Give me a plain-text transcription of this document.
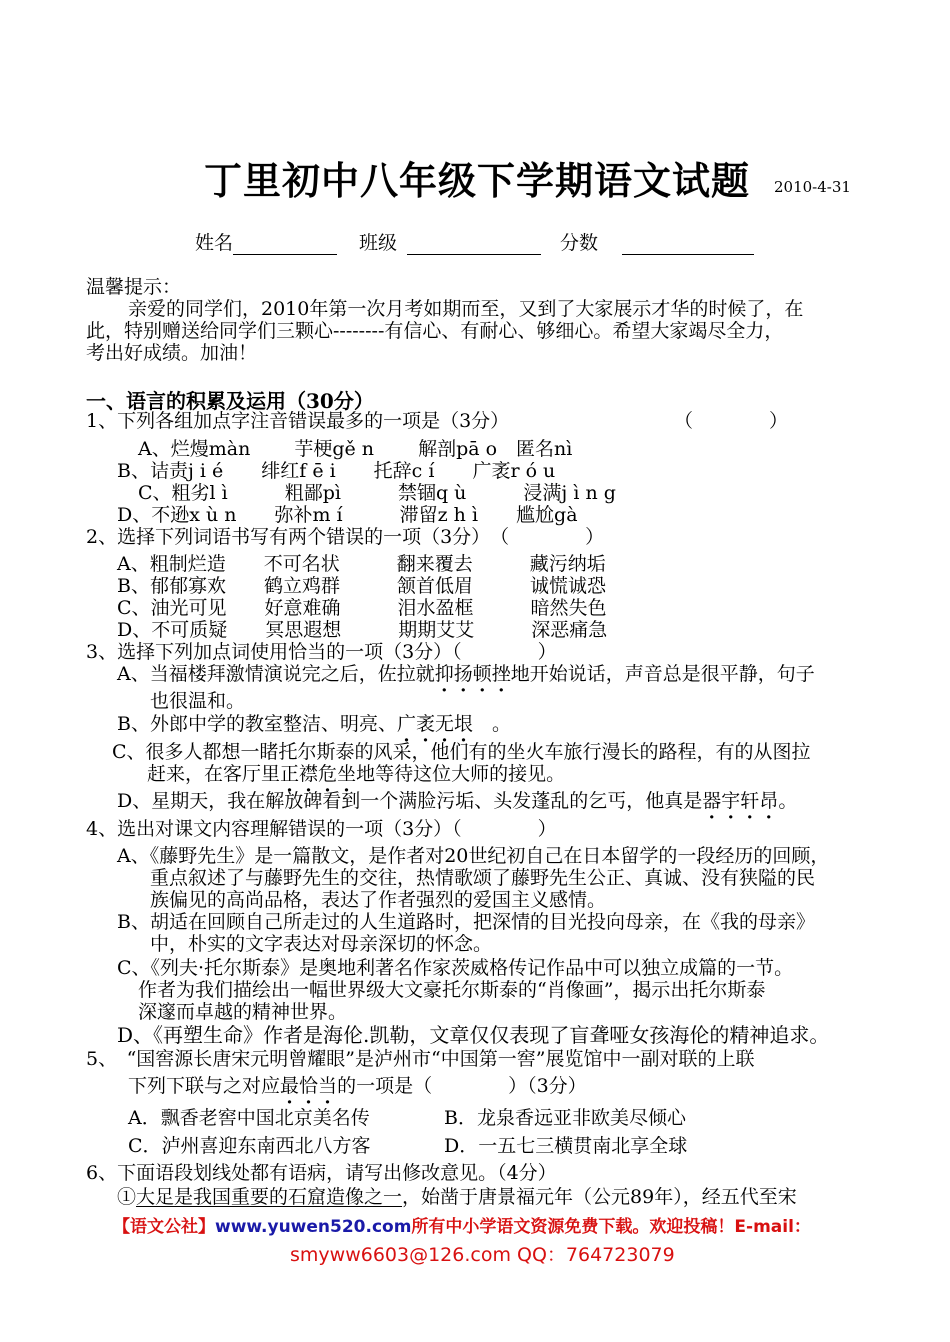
丁里初中八年级下学期语文试题 2010-4-31
姓名	班级	分数
温馨提示：
亲爱的同学们，2010年第一次月考如期而至，又到了大家展示才华的时候了，在
此，特别赠送给同学们三颗心--------有信心、有耐心、够细心。希望大家竭尽全力，
考出好成绩。加油！
一、语言的积累及运用（30分）
1、下列各组加点字注音错误最多的一项是（3分）	（　　　　）
A、烂熳màn　　 芋梗gě n　　 解剖pā o　匿名nì
B、诘责j i é　　绯红f ē i　　托辞c í　　广袤r ó u
C、粗劣l ì　　　粗鄙pì　　　禁锢q ù　　　浸满j ì n g
D、不逊x ù n　　弥补m í　　　滞留z h ì　　尴尬gà
2、选择下列词语书写有两个错误的一项（3分）　（　　　　）
A、粗制烂造　　不可名状　　　翻来覆去　　　藏污纳垢
B、郁郁寡欢　　鹤立鸡群　　　颔首低眉　　　诚慌诚恐
C、油光可见　　好意难确　　　泪水盈框　　　暗然失色
D、不可质疑　　冥思遐想　　　期期艾艾　　　深恶痛急
3、选择下列加点词使用恰当的一项（3分）（　　　　）
A、当福楼拜激情演说完之后，佐拉就抑扬顿挫地开始说话，声音总是很平静，句子
也很温和。
B、外郎中学的教室整洁、明亮、广袤无垠　。
C、很多人都想一睹托尔斯泰的风采，他们有的坐火车旅行漫长的路程，有的从图拉
赶来，在客厅里正襟危坐地等待这位大师的接见。
D、星期天，我在解放碑看到一个满脸污垢、头发蓬乱的乞丐，他真是器宇轩昂。
4、选出对课文内容理解错误的一项（3分）（　　　　）
A、《藤野先生》是一篇散文，是作者对20世纪初自己在日本留学的一段经历的回顾，
重点叙述了与藤野先生的交往，热情歌颂了藤野先生公正、真诚、没有狭隘的民
族偏见的高尚品格，表达了作者强烈的爱国主义感情。
B、胡适在回顾自己所走过的人生道路时，把深情的目光投向母亲，在《我的母亲》
中，朴实的文字表达对母亲深切的怀念。
C、《列夫·托尔斯泰》是奥地利著名作家茨威格传记作品中可以独立成篇的一节。
作者为我们描绘出一幅世界级大文豪托尔斯泰的“肖像画”，揭示出托尔斯泰
深邃而卓越的精神世界。
D、《再塑生命》作者是海伦.凯勒，文章仅仅表现了盲聋哑女孩海伦的精神追求。
5、　“国窖源长唐宋元明曾耀眼”是泸州市“中国第一窖”展览馆中一副对联的上联
下列下联与之对应最恰当的一项是（　　　　）（3分）
A．飘香老窖中国北京美名传	B．龙泉香远亚非欧美尽倾心
C．泸州喜迎东南西北八方客	D．一五七三横贯南北享全球
6、下面语段划线处都有语病，请写出修改意见。（4分）
①大足是我国重要的石窟造像之一，始凿于唐景福元年（公元89年），经五代至宋
【语文公社】www.yuwen520.com所有中小学语文资源免费下载。欢迎投稿！E-mail：
smyww6603@126.com QQ：764723079
